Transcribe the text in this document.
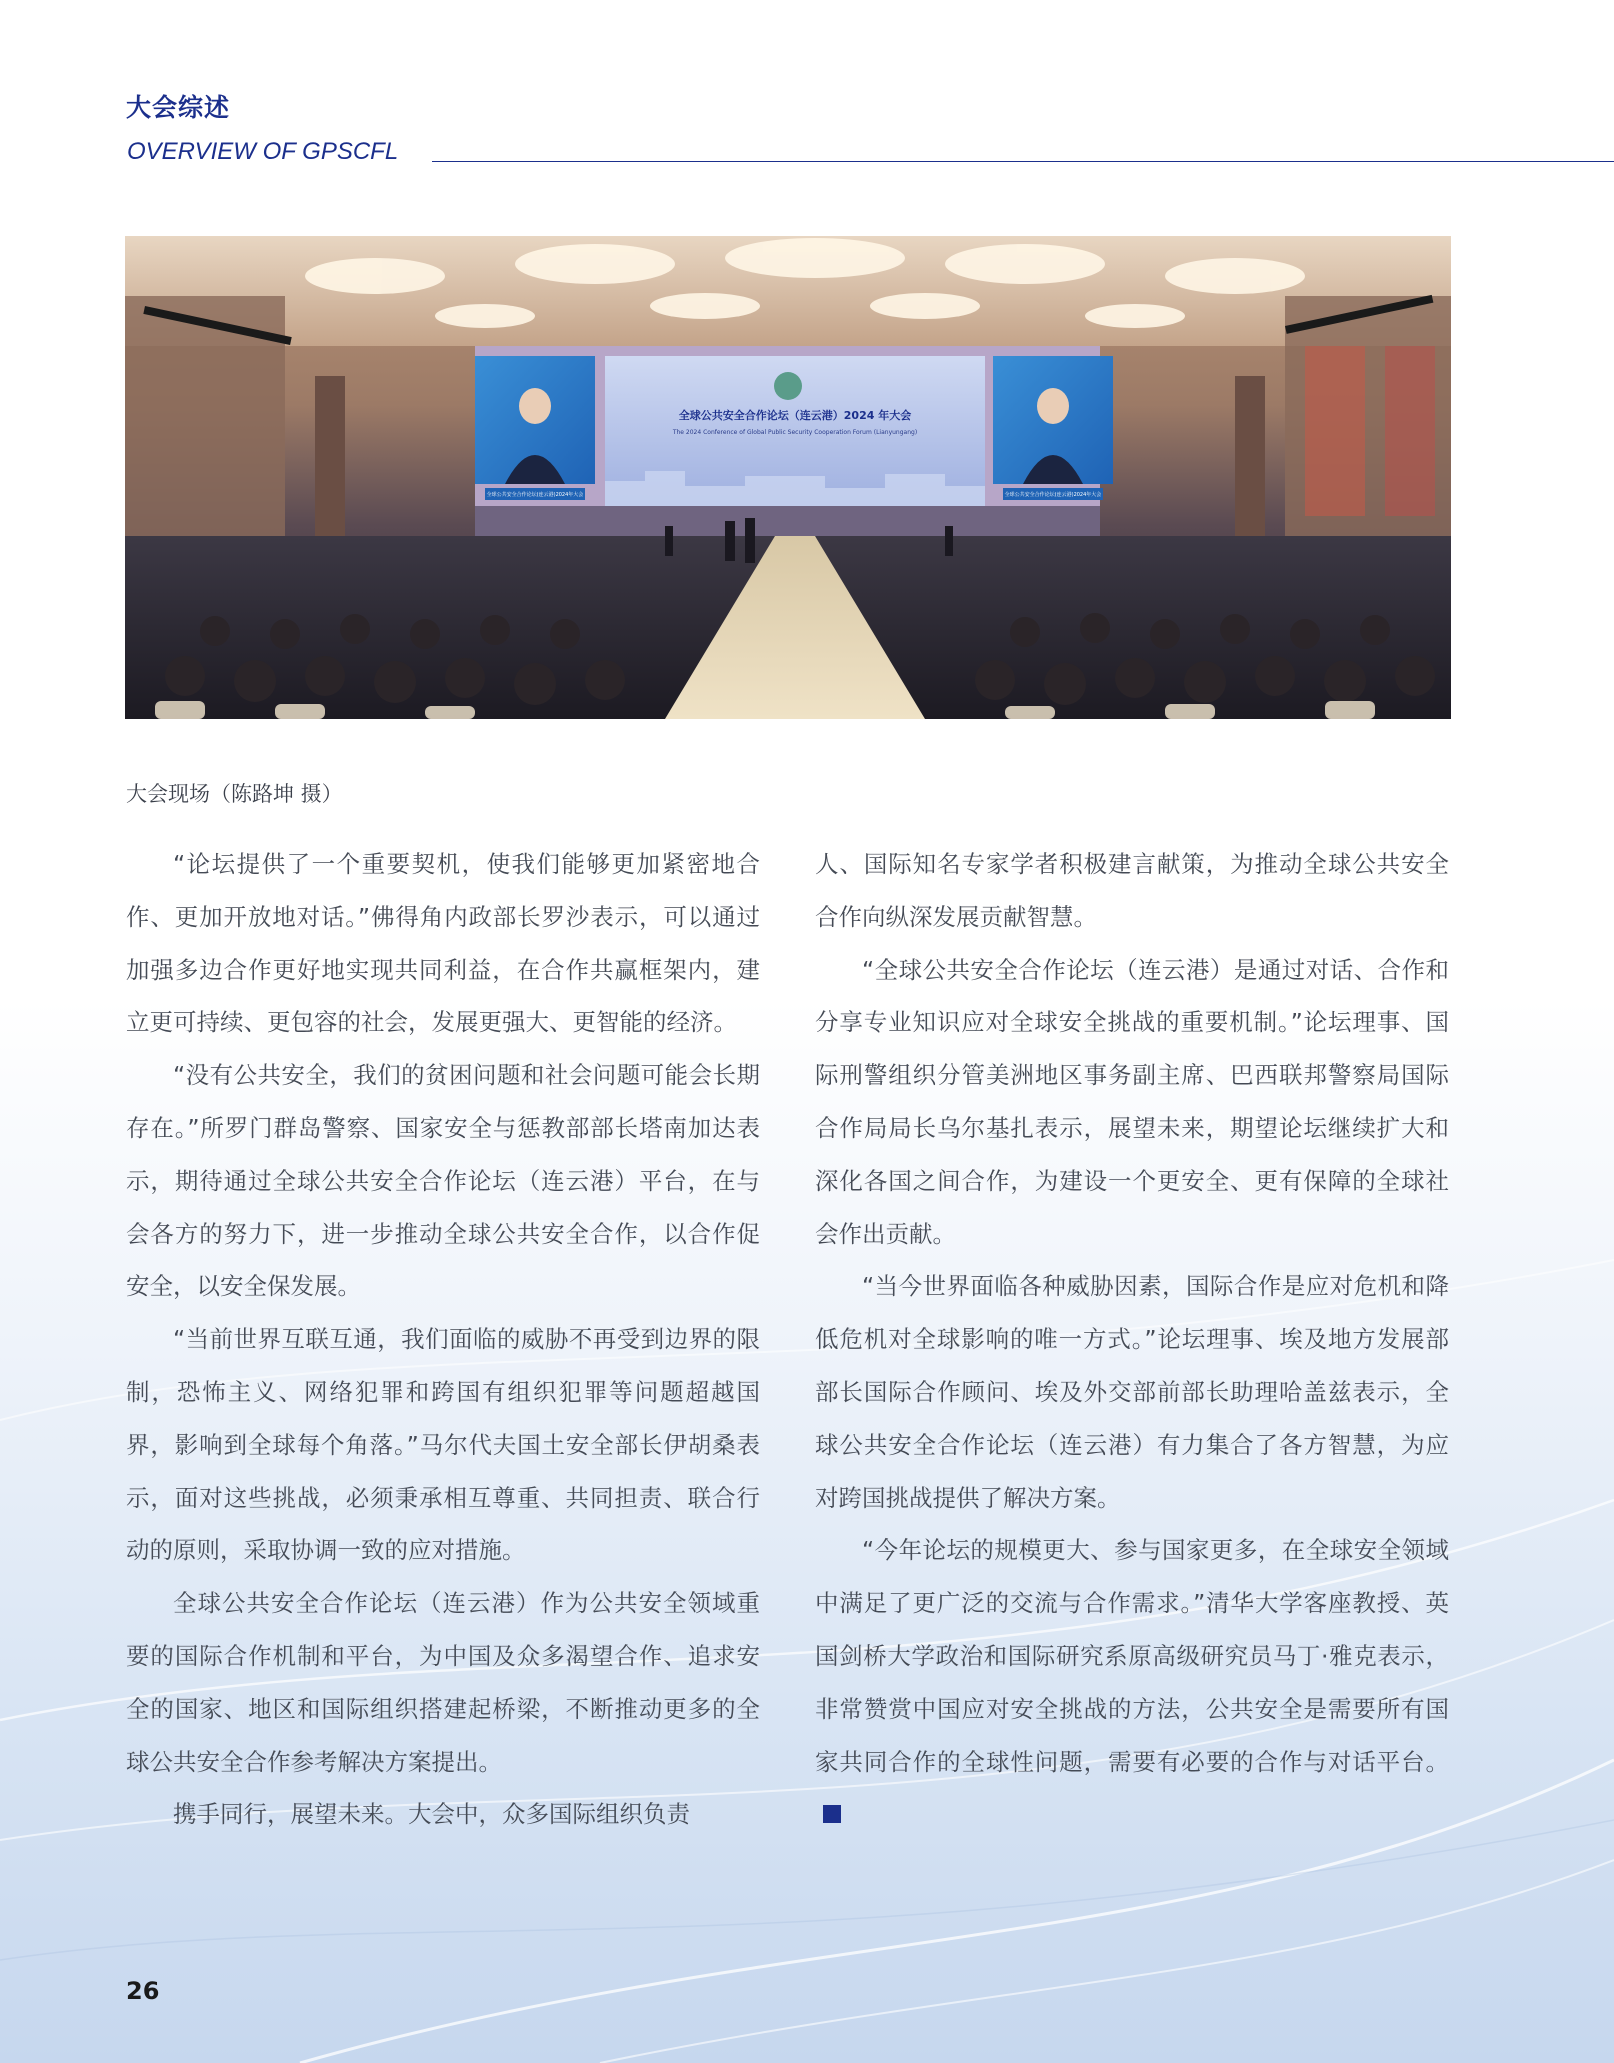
大会综述
OVERVIEW OF GPSCFL
全球公共安全合作论坛（连云港）2024 年大会
The 2024 Conference of Global Public Security Cooperation Forum (Lianyungang)
全球公共安全合作论坛(连云港)2024年大会	全球公共安全合作论坛(连云港)2024年大会
大会现场（陈路坤 摄）

“论坛提供了一个重要契机，使我们能够更加紧密地合作、更加开放地对话。”佛得角内政部长罗沙表示，可以通过加强多边合作更好地实现共同利益，在合作共赢框架内，建立更可持续、更包容的社会，发展更强大、更智能的经济。

“没有公共安全，我们的贫困问题和社会问题可能会长期存在。”所罗门群岛警察、国家安全与惩教部部长塔南加达表示，期待通过全球公共安全合作论坛（连云港）平台，在与会各方的努力下，进一步推动全球公共安全合作，以合作促安全，以安全保发展。

“当前世界互联互通，我们面临的威胁不再受到边界的限制，恐怖主义、网络犯罪和跨国有组织犯罪等问题超越国界，影响到全球每个角落。”马尔代夫国土安全部长伊胡桑表示，面对这些挑战，必须秉承相互尊重、共同担责、联合行动的原则，采取协调一致的应对措施。

全球公共安全合作论坛（连云港）作为公共安全领域重要的国际合作机制和平台，为中国及众多渴望合作、追求安全的国家、地区和国际组织搭建起桥梁，不断推动更多的全球公共安全合作参考解决方案提出。

携手同行，展望未来。大会中，众多国际组织负责

人、国际知名专家学者积极建言献策，为推动全球公共安全合作向纵深发展贡献智慧。

“全球公共安全合作论坛（连云港）是通过对话、合作和分享专业知识应对全球安全挑战的重要机制。”论坛理事、国际刑警组织分管美洲地区事务副主席、巴西联邦警察局国际合作局局长乌尔基扎表示，展望未来，期望论坛继续扩大和深化各国之间合作，为建设一个更安全、更有保障的全球社会作出贡献。

“当今世界面临各种威胁因素，国际合作是应对危机和降低危机对全球影响的唯一方式。”论坛理事、埃及地方发展部部长国际合作顾问、埃及外交部前部长助理哈盖兹表示，全球公共安全合作论坛（连云港）有力集合了各方智慧，为应对跨国挑战提供了解决方案。

“今年论坛的规模更大、参与国家更多，在全球安全领域中满足了更广泛的交流与合作需求。”清华大学客座教授、英国剑桥大学政治和国际研究系原高级研究员马丁·雅克表示，非常赞赏中国应对安全挑战的方法，公共安全是需要所有国家共同合作的全球性问题，需要有必要的合作与对话平台。

26
